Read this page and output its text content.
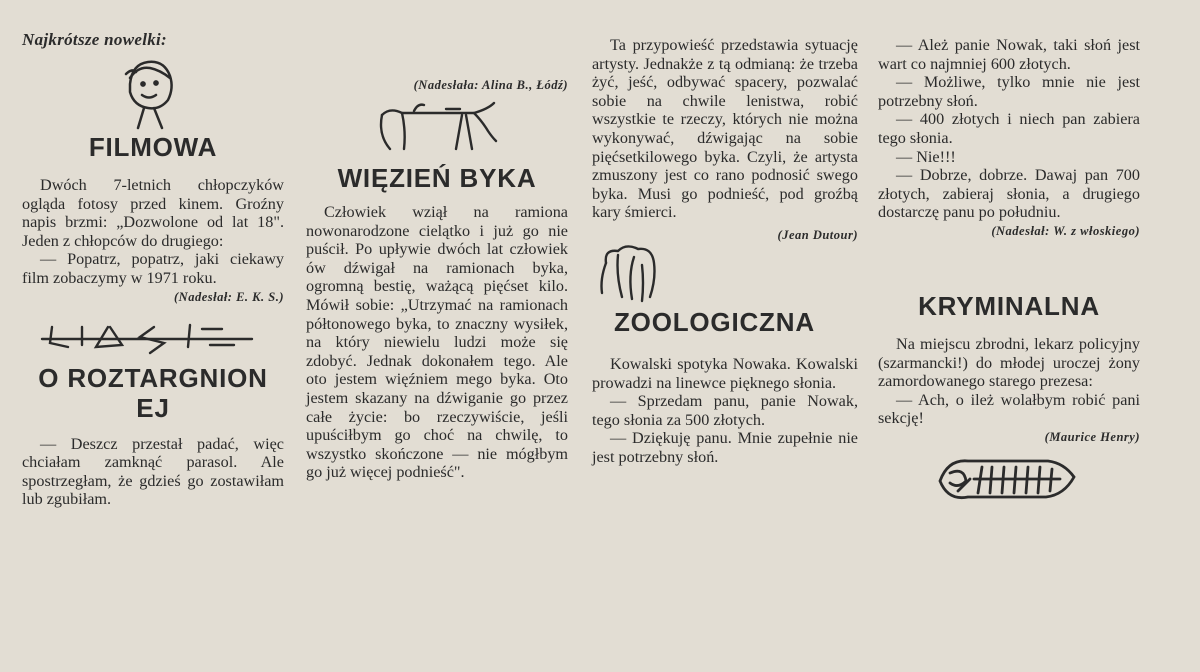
Najkrótsze nowelki:
FILMOWA

Dwóch 7-letnich chłopczyków ogląda fotosy przed kinem. Groźny napis brzmi: „Dozwolone od lat 18". Jeden z chłopców do drugiego:

— Popatrz, popatrz, jaki ciekawy film zobaczymy w 1971 roku.

(Nadesłał: E. K. S.)
O ROZTARGNIONEJ

— Deszcz przestał padać, więc chciałam zamknąć parasol. Ale spostrzegłam, że gdzieś go zostawiłam lub zgubiłam.

(Nadesłała: Alina B., Łódź)
WIĘZIEŃ BYKA

Człowiek wziął na ramiona nowonarodzone cielątko i już go nie puścił. Po upływie dwóch lat człowiek ów dźwigał na ramionach byka, ogromną bestię, ważącą pięćset kilo. Mówił sobie: „Utrzymać na ramionach półtonowego byka, to znaczny wysiłek, na który niewielu ludzi może się zdobyć. Jednak dokonałem tego. Ale oto jestem więźniem mego byka. Oto jestem skazany na dźwiganie go przez całe życie: bo rzeczywiście, jeśli upuściłbym go choć na chwilę, to wszystko skończone — nie mógłbym go już więcej podnieść".

Ta przypowieść przedstawia sytuację artysty. Jednakże z tą odmianą: że trzeba żyć, jeść, odbywać spacery, pozwalać sobie na chwile lenistwa, robić wszystkie te rzeczy, których nie można wykonywać, dźwigając na sobie pięćsetkilowego byka. Czyli, że artysta zmuszony jest co rano podnosić swego byka. Musi go podnieść, pod groźbą kary śmierci.

(Jean Dutour)
ZOOLOGICZNA

Kowalski spotyka Nowaka. Kowalski prowadzi na linewce pięknego słonia.

— Sprzedam panu, panie Nowak, tego słonia za 500 złotych.

— Dziękuję panu. Mnie zupełnie nie jest potrzebny słoń.

— Ależ panie Nowak, taki słoń jest wart co najmniej 600 złotych.

— Możliwe, tylko mnie nie jest potrzebny słoń.

— 400 złotych i niech pan zabiera tego słonia.

— Nie!!!

— Dobrze, dobrze. Dawaj pan 700 złotych, zabieraj słonia, a drugiego dostarczę panu po południu.

(Nadesłał: W. z włoskiego)
KRYMINALNA

Na miejscu zbrodni, lekarz policyjny (szarmancki!) do młodej uroczej żony zamordowanego starego prezesa:

— Ach, o ileż wolałbym robić pani sekcję!

(Maurice Henry)
